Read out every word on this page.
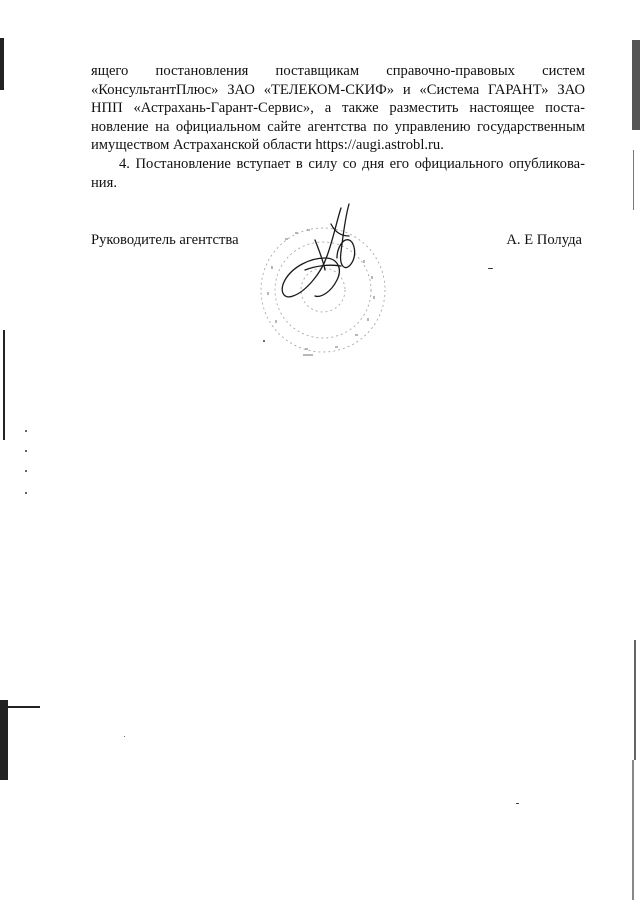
ящего постановления поставщикам справочно-правовых систем
«КонсультантПлюс» ЗАО «ТЕЛЕКОМ-СКИФ» и «Система ГАРАНТ» ЗАО
НПП «Астрахань-Гарант-Сервис», а также разместить настоящее поста-
новление на официальном сайте агентства по управлению государственным
имуществом Астраханской области https://augi.astrobl.ru.
4. Постановление вступает в силу со дня его официального опубликова-
ния.
Руководитель агентства	А. Е Полуда
